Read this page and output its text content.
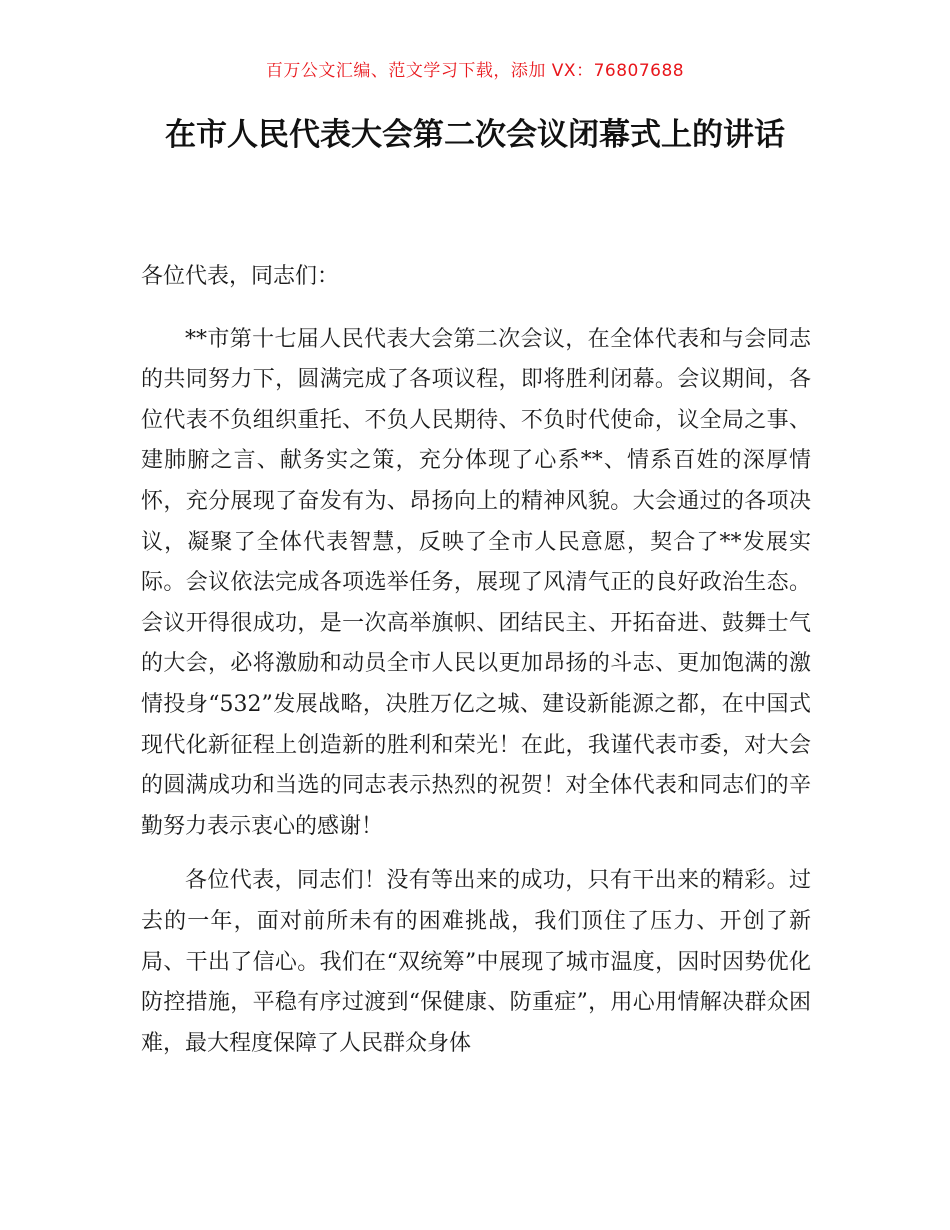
百万公文汇编、范文学习下载，添加 VX：76807688
在市人民代表大会第二次会议闭幕式上的讲话

各位代表，同志们：

**市第十七届人民代表大会第二次会议，在全体代表和与会同志的共同努力下，圆满完成了各项议程，即将胜利闭幕。会议期间，各位代表不负组织重托、不负人民期待、不负时代使命，议全局之事、建肺腑之言、献务实之策，充分体现了心系**、情系百姓的深厚情怀，充分展现了奋发有为、昂扬向上的精神风貌。大会通过的各项决议，凝聚了全体代表智慧，反映了全市人民意愿，契合了**发展实际。会议依法完成各项选举任务，展现了风清气正的良好政治生态。会议开得很成功，是一次高举旗帜、团结民主、开拓奋进、鼓舞士气的大会，必将激励和动员全市人民以更加昂扬的斗志、更加饱满的激情投身“532”发展战略，决胜万亿之城、建设新能源之都，在中国式现代化新征程上创造新的胜利和荣光！在此，我谨代表市委，对大会的圆满成功和当选的同志表示热烈的祝贺！对全体代表和同志们的辛勤努力表示衷心的感谢！

各位代表，同志们！没有等出来的成功，只有干出来的精彩。过去的一年，面对前所未有的困难挑战，我们顶住了压力、开创了新局、干出了信心。我们在“双统筹”中展现了城市温度，因时因势优化防控措施，平稳有序过渡到“保健康、防重症”，用心用情解决群众困难，最大程度保障了人民群众身体
